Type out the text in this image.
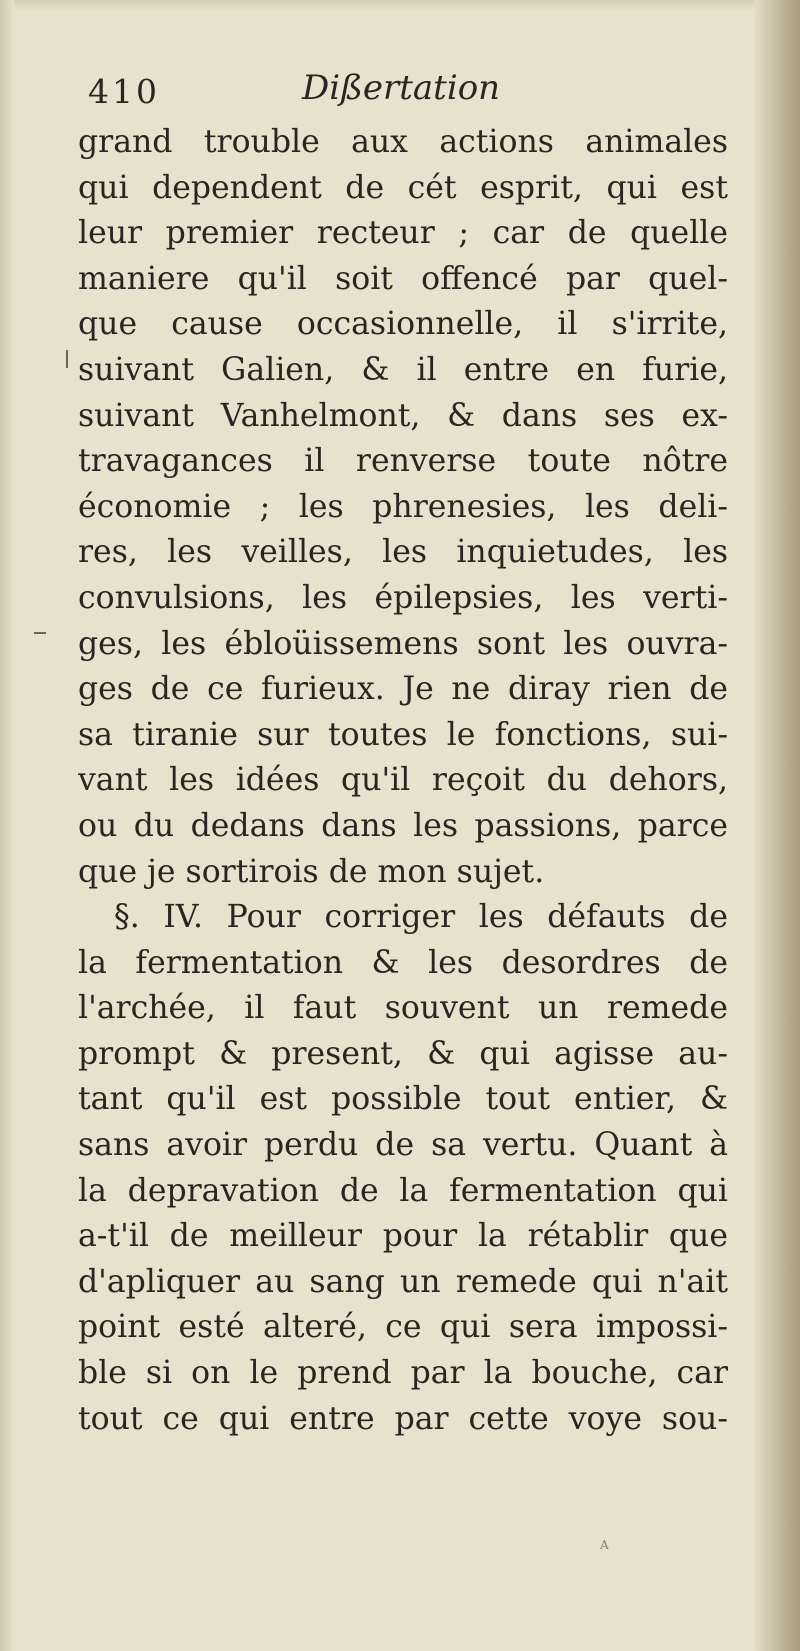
410	Dißertation
grand trouble aux actions animales
qui dependent de cét esprit, qui est
leur premier recteur ; car de quelle
maniere qu'il soit offencé par quel-
que cause occasionnelle, il s'irrite,
suivant Galien, & il entre en furie,
suivant Vanhelmont, & dans ses ex-
travagances il renverse toute nôtre
économie ; les phrenesies, les deli-
res, les veilles, les inquietudes, les
convulsions, les épilepsies, les verti-
ges, les ébloüissemens sont les ouvra-
ges de ce furieux. Je ne diray rien de
sa tiranie sur toutes le fonctions, sui-
vant les idées qu'il reçoit du dehors,
ou du dedans dans les passions, parce
que je sortirois de mon sujet.
§. IV. Pour corriger les défauts de
la fermentation & les desordres de
l'archée, il faut souvent un remede
prompt & present, & qui agisse au-
tant qu'il est possible tout entier, &
sans avoir perdu de sa vertu. Quant à
la depravation de la fermentation qui
a-t'il de meilleur pour la rétablir que
d'apliquer au sang un remede qui n'ait
point esté alteré, ce qui sera impossi-
ble si on le prend par la bouche, car
tout ce qui entre par cette voye sou-
A
